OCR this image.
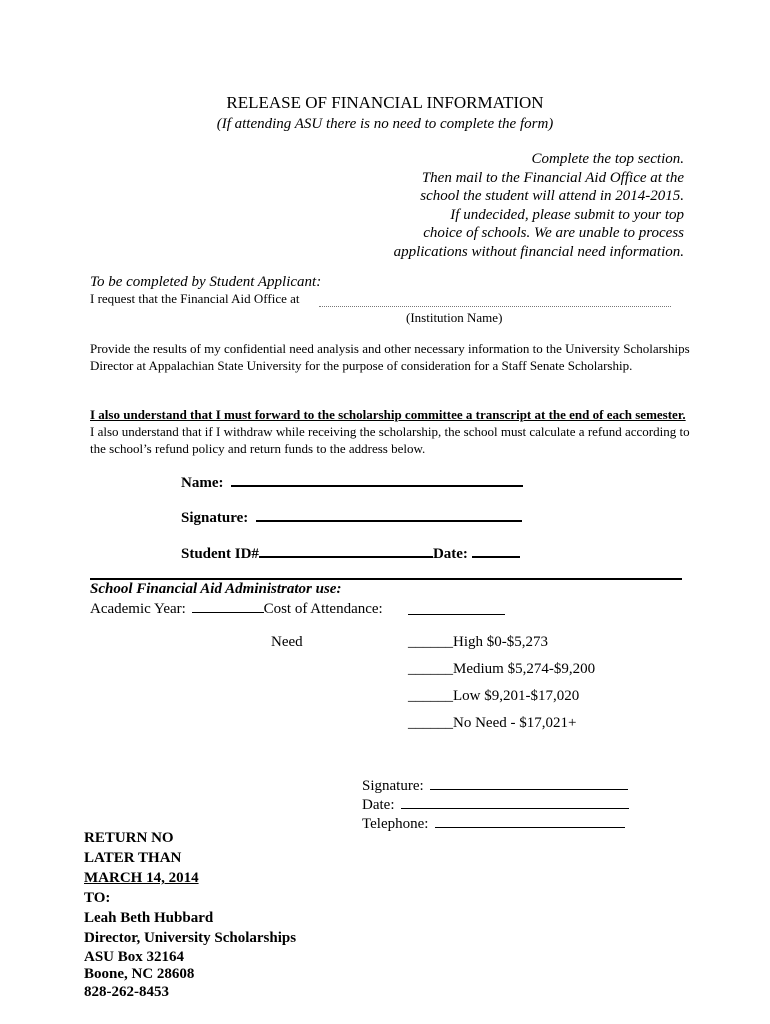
RELEASE OF FINANCIAL INFORMATION
(If attending ASU there is no need to complete the form)
Complete the top section.
Then mail to the Financial Aid Office at the
school the student will attend in 2014-2015.
If undecided, please submit to your top
choice of schools. We are unable to process
applications without financial need information.
To be completed by Student Applicant:
I request that the Financial Aid Office at
(Institution Name)
Provide the results of my confidential need analysis and other necessary information to the University Scholarships Director at Appalachian State University for the purpose of consideration for a Staff Senate Scholarship.
I also understand that I must forward to the scholarship committee a transcript at the end of each semester. I also understand that if I withdraw while receiving the scholarship, the school must calculate a refund according to the school’s refund policy and return funds to the address below.
Name:
Signature:
Student ID#	Date:
School Financial Aid Administrator use:
Academic Year:	Cost of Attendance:
Need	______High $0-$5,273
______Medium $5,274-$9,200
______Low $9,201-$17,020
______No Need - $17,021+
Signature:
Date:
Telephone:
RETURN NO
LATER THAN
MARCH 14, 2014
TO:
Leah Beth Hubbard
Director, University Scholarships
ASU Box 32164
Boone, NC 28608
828-262-8453
